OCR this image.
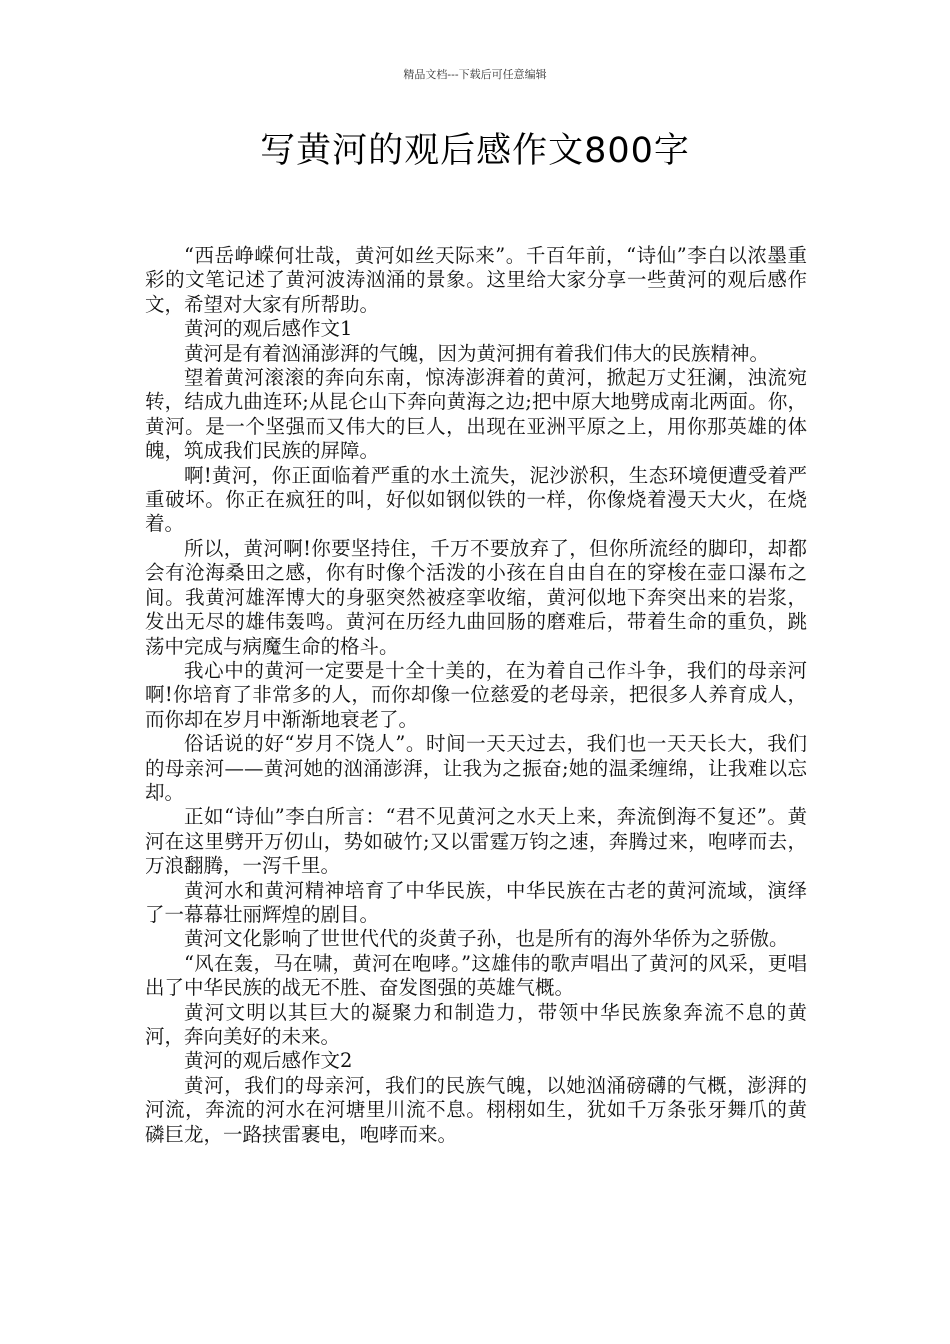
精品文档---下载后可任意编辑
写黄河的观后感作文800字

“西岳峥嵘何壮哉，黄河如丝天际来”。千百年前，“诗仙”李白以浓墨重彩的文笔记述了黄河波涛汹涌的景象。这里给大家分享一些黄河的观后感作文，希望对大家有所帮助。

黄河的观后感作文1

黄河是有着汹涌澎湃的气魄，因为黄河拥有着我们伟大的民族精神。

望着黄河滚滚的奔向东南，惊涛澎湃着的黄河，掀起万丈狂澜，浊流宛转，结成九曲连环;从昆仑山下奔向黄海之边;把中原大地劈成南北两面。你，黄河。是一个坚强而又伟大的巨人，出现在亚洲平原之上，用你那英雄的体魄，筑成我们民族的屏障。

啊!黄河，你正面临着严重的水土流失，泥沙淤积，生态环境便遭受着严重破坏。你正在疯狂的叫，好似如钢似铁的一样，你像烧着漫天大火，在烧着。

所以，黄河啊!你要坚持住，千万不要放弃了，但你所流经的脚印，却都会有沧海桑田之感，你有时像个活泼的小孩在自由自在的穿梭在壶口瀑布之间。我黄河雄浑博大的身驱突然被痉挛收缩，黄河似地下奔突出来的岩浆，发出无尽的雄伟轰鸣。黄河在历经九曲回肠的磨难后，带着生命的重负，跳荡中完成与病魔生命的格斗。

我心中的黄河一定要是十全十美的，在为着自己作斗争，我们的母亲河啊!你培育了非常多的人，而你却像一位慈爱的老母亲，把很多人养育成人，而你却在岁月中渐渐地衰老了。

俗话说的好“岁月不饶人”。时间一天天过去，我们也一天天长大，我们的母亲河——黄河她的汹涌澎湃，让我为之振奋;她的温柔缠绵，让我难以忘却。

正如“诗仙”李白所言：“君不见黄河之水天上来，奔流倒海不复还”。黄河在这里劈开万仞山，势如破竹;又以雷霆万钧之速，奔腾过来，咆哮而去，万浪翻腾，一泻千里。

黄河水和黄河精神培育了中华民族，中华民族在古老的黄河流域，演绎了一幕幕壮丽辉煌的剧目。

黄河文化影响了世世代代的炎黄子孙，也是所有的海外华侨为之骄傲。

“风在轰，马在啸，黄河在咆哮。”这雄伟的歌声唱出了黄河的风采，更唱出了中华民族的战无不胜、奋发图强的英雄气概。

黄河文明以其巨大的凝聚力和制造力，带领中华民族象奔流不息的黄河，奔向美好的未来。

黄河的观后感作文2

黄河，我们的母亲河，我们的民族气魄，以她汹涌磅礴的气概，澎湃的河流，奔流的河水在河塘里川流不息。栩栩如生，犹如千万条张牙舞爪的黄磷巨龙，一路挟雷裹电，咆哮而来。
